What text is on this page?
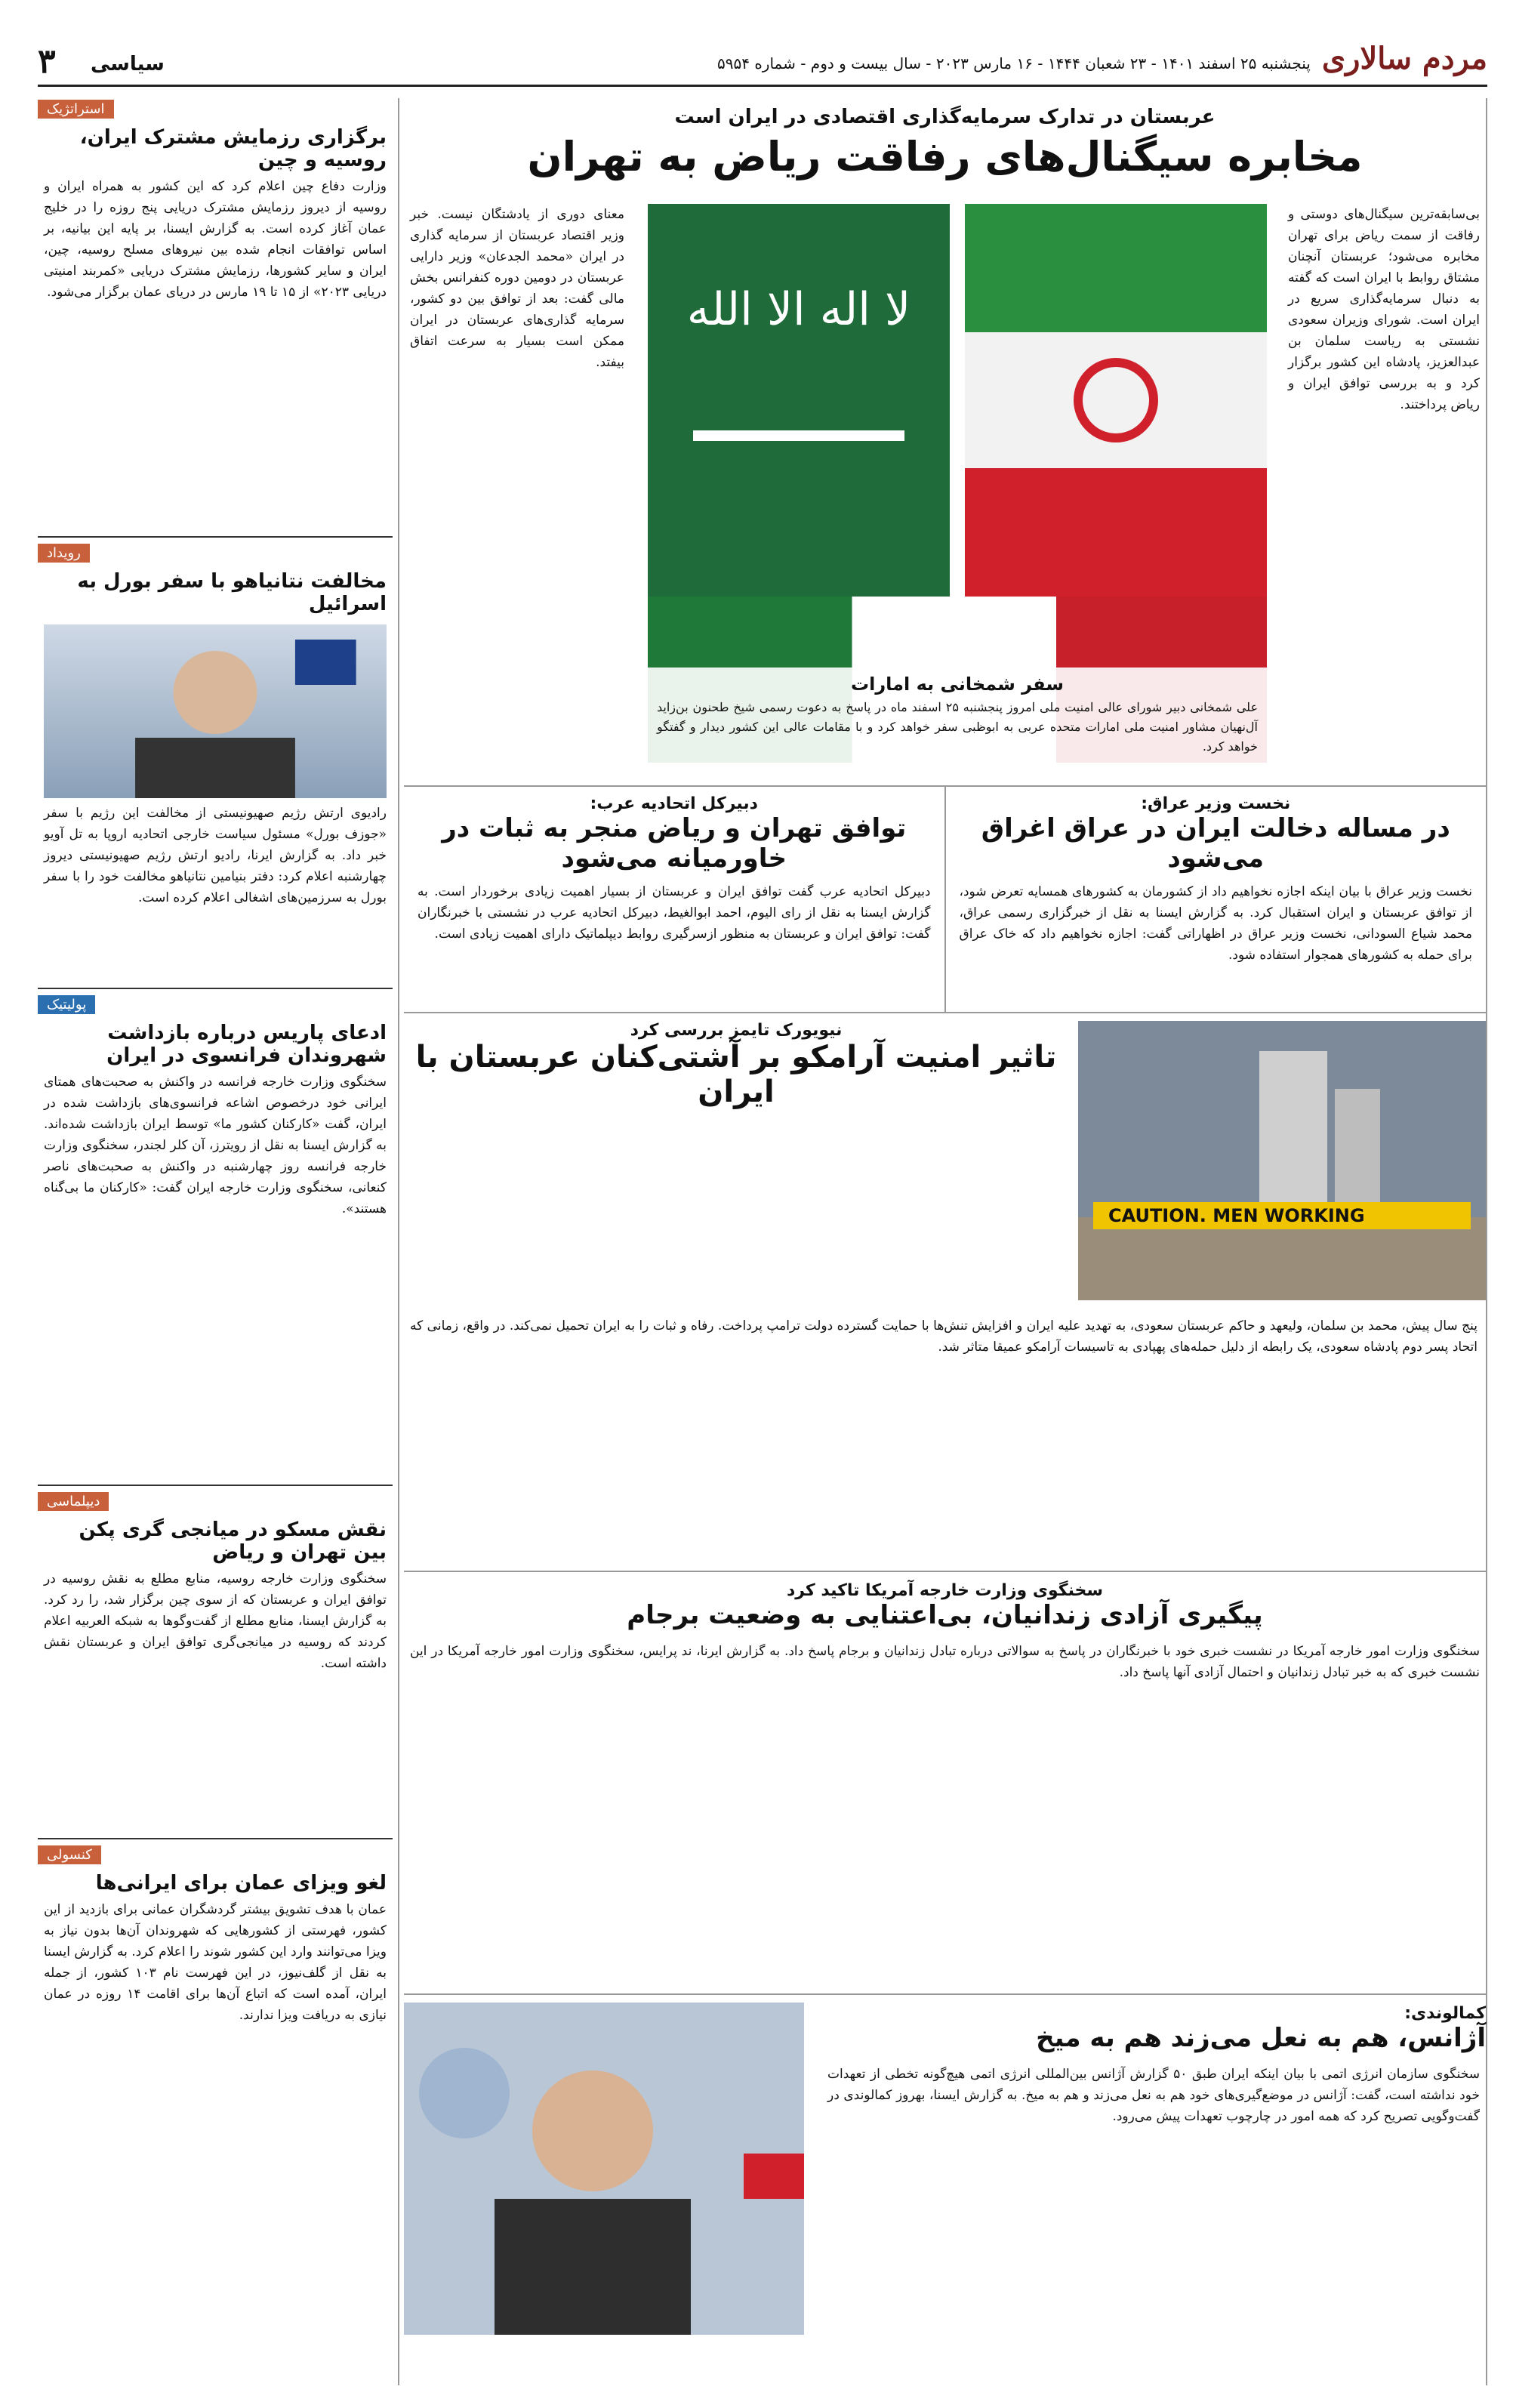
۳ سیاسی	پنجشنبه ۲۵ اسفند ۱۴۰۱ - ۲۳ شعبان ۱۴۴۴ - ۱۶ مارس ۲۰۲۳ - سال بیست و دوم - شماره ۵۹۵۴ مردم سالاری
استراتژیک
برگزاری رزمایش مشترک ایران، روسیه و چین
وزارت دفاع چین اعلام کرد که این کشور به همراه ایران و روسیه از دیروز رزمایش مشترک دریایی پنج روزه را در خلیج عمان آغاز کرده است. به گزارش ایسنا، بر پایه این بیانیه، بر اساس توافقات انجام شده بین نیروهای مسلح روسیه، چین، ایران و سایر کشورها، رزمایش مشترک دریایی «کمربند امنیتی دریایی ۲۰۲۳» از ۱۵ تا ۱۹ مارس در دریای عمان برگزار می‌شود.
رویداد
مخالفت نتانیاهو با سفر بورل به اسرائیل
رادیوی ارتش رژیم صهیونیستی از مخالفت این رژیم با سفر «جوزف بورل» مسئول سیاست خارجی اتحادیه اروپا به تل آویو خبر داد. به گزارش ایرنا، رادیو ارتش رژیم صهیونیستی دیروز چهارشنبه اعلام کرد: دفتر بنیامین نتانیاهو مخالفت خود را با سفر بورل به سرزمین‌های اشغالی اعلام کرده است.
پولیتیک
ادعای پاریس درباره بازداشت شهروندان فرانسوی در ایران
سخنگوی وزارت خارجه فرانسه در واکنش به صحبت‌های همتای ایرانی خود درخصوص اشاعه فرانسوی‌های بازداشت شده در ایران، گفت «کارکنان کشور ما» توسط ایران بازداشت شده‌اند. به گزارش ایسنا به نقل از رویترز، آن کلر لجندر، سخنگوی وزارت خارجه فرانسه روز چهارشنبه در واکنش به صحبت‌های ناصر کنعانی، سخنگوی وزارت خارجه ایران گفت: «کارکنان ما بی‌گناه هستند».
دیپلماسی
نقش مسکو در میانجی گری پکن بین تهران و ریاض
سخنگوی وزارت خارجه روسیه، منابع مطلع به نقش روسیه در توافق ایران و عربستان که از سوی چین برگزار شد، را رد کرد. به گزارش ایسنا، منابع مطلع از گفت‌وگوها به شبکه العربیه اعلام کردند که روسیه در میانجی‌گری توافق ایران و عربستان نقش داشته است.
کنسولی
لغو ویزای عمان برای ایرانی‌ها
عمان با هدف تشویق بیشتر گردشگران عمانی برای بازدید از این کشور، فهرستی از کشورهایی که شهروندان آن‌ها بدون نیاز به ویزا می‌توانند وارد این کشور شوند را اعلام کرد. به گزارش ایسنا به نقل از گلف‌نیوز، در این فهرست نام ۱۰۳ کشور، از جمله ایران، آمده است که اتباع آن‌ها برای اقامت ۱۴ روزه در عمان نیازی به دریافت ویزا ندارند.
عربستان در تدارک سرمایه‌گذاری اقتصادی در ایران است
مخابره سیگنال‌های رفاقت ریاض به تهران
بی‌سابقه‌ترین سیگنال‌های دوستی و رفاقت از سمت ریاض برای تهران مخابره می‌شود؛ عربستان آنچنان مشتاق روابط با ایران است که گفته به دنبال سرمایه‌گذاری سریع در ایران است. شورای وزیران سعودی نشستی به ریاست سلمان بن عبدالعزیز، پادشاه این کشور برگزار کرد و به بررسی توافق ایران و ریاض پرداختند.
لا اله الا الله
سفر شمخانی به امارات

علی شمخانی دبیر شورای عالی امنیت ملی امروز پنجشنبه ۲۵ اسفند ماه در پاسخ به دعوت رسمی شیخ طحنون بن‌زاید آل‌نهیان مشاور امنیت ملی امارات متحده عربی به ابوظبی سفر خواهد کرد و با مقامات عالی این کشور دیدار و گفتگو خواهد کرد.

معنای دوری از یادشتگان نیست. خبر وزیر اقتصاد عربستان از سرمایه گذاری در ایران «محمد الجدعان» وزیر دارایی عربستان در دومین دوره کنفرانس بخش مالی گفت: بعد از توافق بین دو کشور، سرمایه گذاری‌های عربستان در ایران ممکن است بسیار به سرعت اتفاق بیفتد.
نخست وزیر عراق:
در مساله دخالت ایران در عراق اغراق می‌شود
نخست وزیر عراق با بیان اینکه اجازه نخواهیم داد از کشورمان به کشورهای همسایه تعرض شود، از توافق عربستان و ایران استقبال کرد. به گزارش ایسنا به نقل از خبرگزاری رسمی عراق، محمد شیاع السودانی، نخست وزیر عراق در اظهاراتی گفت: اجازه نخواهیم داد که خاک عراق برای حمله به کشورهای همجوار استفاده شود.
دبیرکل اتحادیه عرب:
توافق تهران و ریاض منجر به ثبات در خاورمیانه می‌شود
دبیرکل اتحادیه عرب گفت توافق ایران و عربستان از بسیار اهمیت زیادی برخوردار است. به گزارش ایسنا به نقل از رای الیوم، احمد ابوالغیط، دبیرکل اتحادیه عرب در نشستی با خبرنگاران گفت: توافق ایران و عربستان به منظور ازسرگیری روابط دیپلماتیک دارای اهمیت زیادی است.
CAUTION. MEN WORKING
نیویورک تایمز بررسی کرد
تاثیر امنیت آرامکو بر آشتی‌کنان عربستان با ایران
پنج سال پیش، محمد بن سلمان، ولیعهد و حاکم عربستان سعودی، به تهدید علیه ایران و افزایش تنش‌ها با حمایت گسترده دولت ترامپ پرداخت. رفاه و ثبات را به ایران تحمیل نمی‌کند. در واقع، زمانی که اتحاد پسر دوم پادشاه سعودی، یک رابطه از دلیل حمله‌های پهپادی به تاسیسات آرامکو عمیقا متاثر شد.
سخنگوی وزارت خارجه آمریکا تاکید کرد
پیگیری آزادی زندانیان، بی‌اعتنایی به وضعیت برجام
سخنگوی وزارت امور خارجه آمریکا در نشست خبری خود با خبرنگاران در پاسخ به سوالاتی درباره تبادل زندانیان و برجام پاسخ داد. به گزارش ایرنا، ند پرایس، سخنگوی وزارت امور خارجه آمریکا در این نشست خبری که به خبر تبادل زندانیان و احتمال آزادی آنها پاسخ داد.
کمالوندی:
آژانس، هم به نعل می‌زند هم به میخ
سخنگوی سازمان انرژی اتمی با بیان اینکه ایران طبق ۵۰ گزارش آژانس بین‌المللی انرژی اتمی هیچ‌گونه تخطی از تعهدات خود نداشته است، گفت: آژانس در موضع‌گیری‌های خود هم به نعل می‌زند و هم به میخ. به گزارش ایسنا، بهروز کمالوندی در گفت‌وگویی تصریح کرد که همه امور در چارچوب تعهدات پیش می‌رود.
